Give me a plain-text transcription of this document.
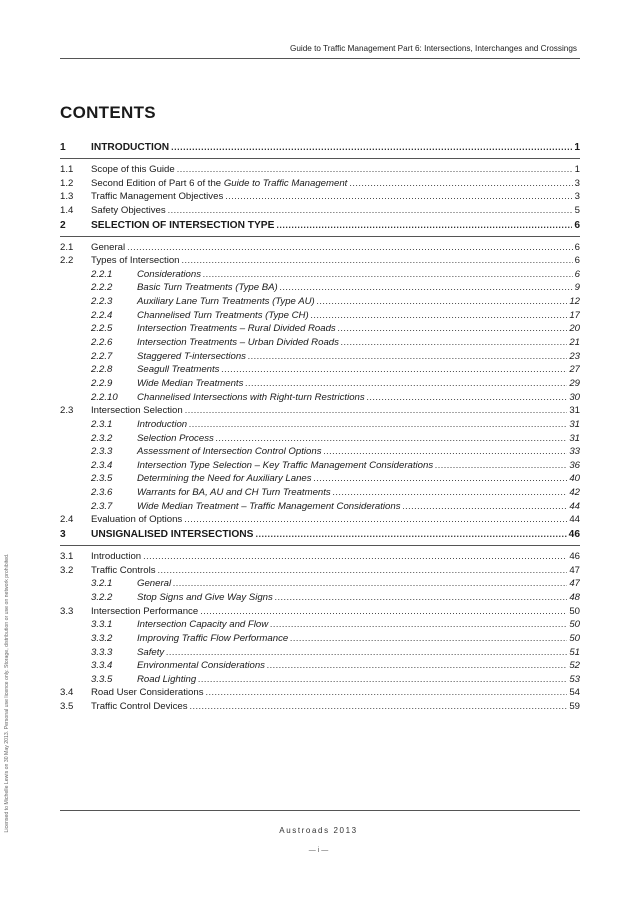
Guide to Traffic Management Part 6: Intersections, Interchanges and Crossings
CONTENTS
1	INTRODUCTION .....	1
1.1	Scope of this Guide .....	1
1.2	Second Edition of Part 6 of the Guide to Traffic Management .....	3
1.3	Traffic Management Objectives .....	3
1.4	Safety Objectives .....	5
2	SELECTION OF INTERSECTION TYPE .....	6
2.1	General .....	6
2.2	Types of Intersection .....	6
2.2.1	Considerations .....	6
2.2.2	Basic Turn Treatments (Type BA) .....	9
2.2.3	Auxiliary Lane Turn Treatments (Type AU) .....	12
2.2.4	Channelised Turn Treatments (Type CH) .....	17
2.2.5	Intersection Treatments – Rural Divided Roads .....	20
2.2.6	Intersection Treatments – Urban Divided Roads .....	21
2.2.7	Staggered T-intersections .....	23
2.2.8	Seagull Treatments .....	27
2.2.9	Wide Median Treatments .....	29
2.2.10	Channelised Intersections with Right-turn Restrictions .....	30
2.3	Intersection Selection .....	31
2.3.1	Introduction .....	31
2.3.2	Selection Process .....	31
2.3.3	Assessment of Intersection Control Options .....	33
2.3.4	Intersection Type Selection – Key Traffic Management Considerations .....	36
2.3.5	Determining the Need for Auxiliary Lanes .....	40
2.3.6	Warrants for BA, AU and CH Turn Treatments .....	42
2.3.7	Wide Median Treatment – Traffic Management Considerations .....	44
2.4	Evaluation of Options .....	44
3	UNSIGNALISED INTERSECTIONS .....	46
3.1	Introduction .....	46
3.2	Traffic Controls .....	47
3.2.1	General .....	47
3.2.2	Stop Signs and Give Way Signs .....	48
3.3	Intersection Performance .....	50
3.3.1	Intersection Capacity and Flow .....	50
3.3.2	Improving Traffic Flow Performance .....	50
3.3.3	Safety .....	51
3.3.4	Environmental Considerations .....	52
3.3.5	Road Lighting .....	53
3.4	Road User Considerations .....	54
3.5	Traffic Control Devices .....	59
Licensed to Michelle Lewis on 30 May 2013. Personal use licence only. Storage, distribution or use on network prohibited.	Austroads 2013
— i —
